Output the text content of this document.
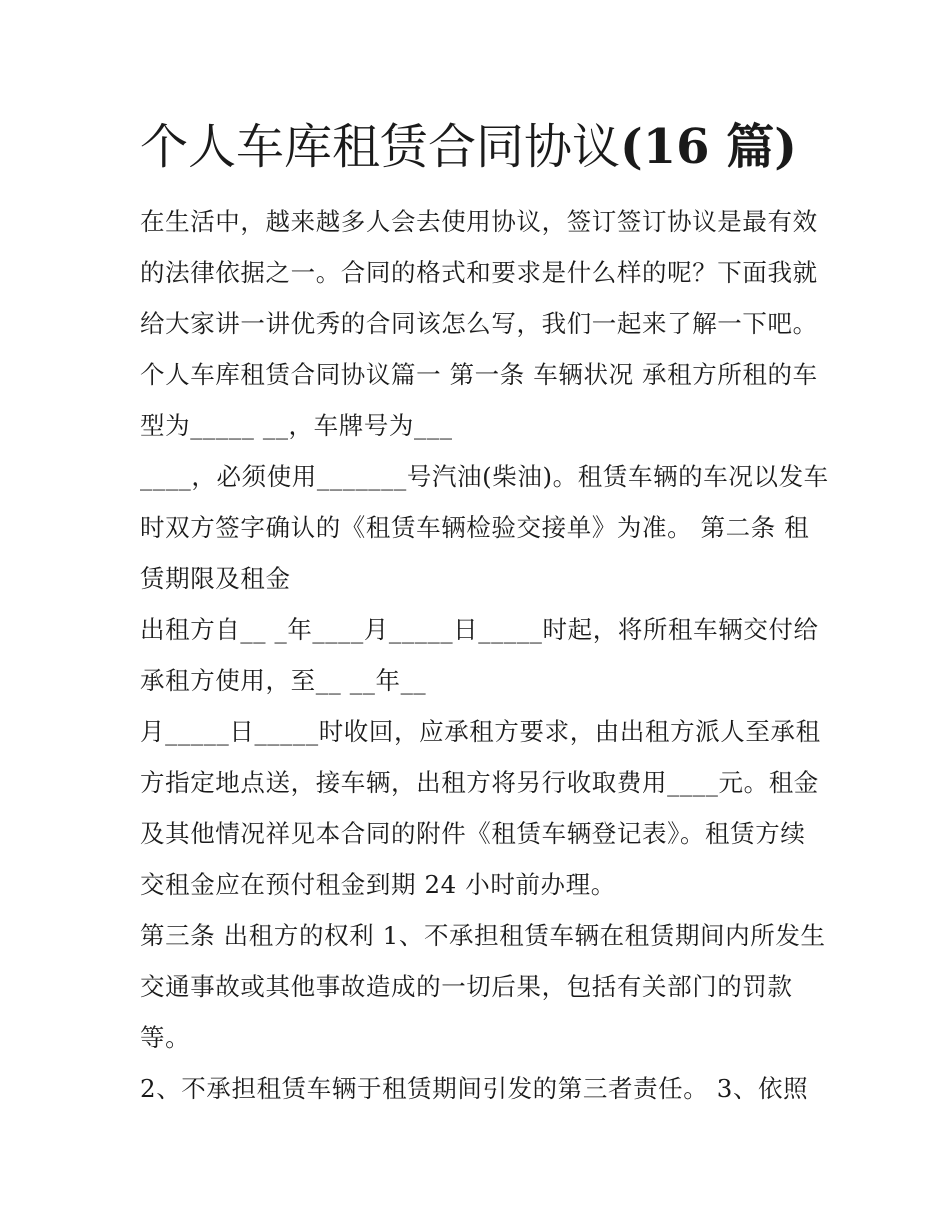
个人车库租赁合同协议(16 篇)

在生活中，越来越多人会去使用协议，签订签订协议是最有效

的法律依据之一。合同的格式和要求是什么样的呢？下面我就

给大家讲一讲优秀的合同该怎么写，我们一起来了解一下吧。

个人车库租赁合同协议篇一 第一条 车辆状况 承租方所租的车

型为_____ __，车牌号为___

____，必须使用_______号汽油(柴油)。租赁车辆的车况以发车

时双方签字确认的《租赁车辆检验交接单》为准。 第二条 租

赁期限及租金

出租方自__ _年____月_____日_____时起，将所租车辆交付给

承租方使用，至__ __年__

月_____日_____时收回，应承租方要求，由出租方派人至承租

方指定地点送，接车辆，出租方将另行收取费用____元。租金

及其他情况祥见本合同的附件《租赁车辆登记表》。租赁方续

交租金应在预付租金到期 24 小时前办理。

第三条 出租方的权利 1、不承担租赁车辆在租赁期间内所发生

交通事故或其他事故造成的一切后果，包括有关部门的罚款

等。

2、不承担租赁车辆于租赁期间引发的第三者责任。 3、依照
